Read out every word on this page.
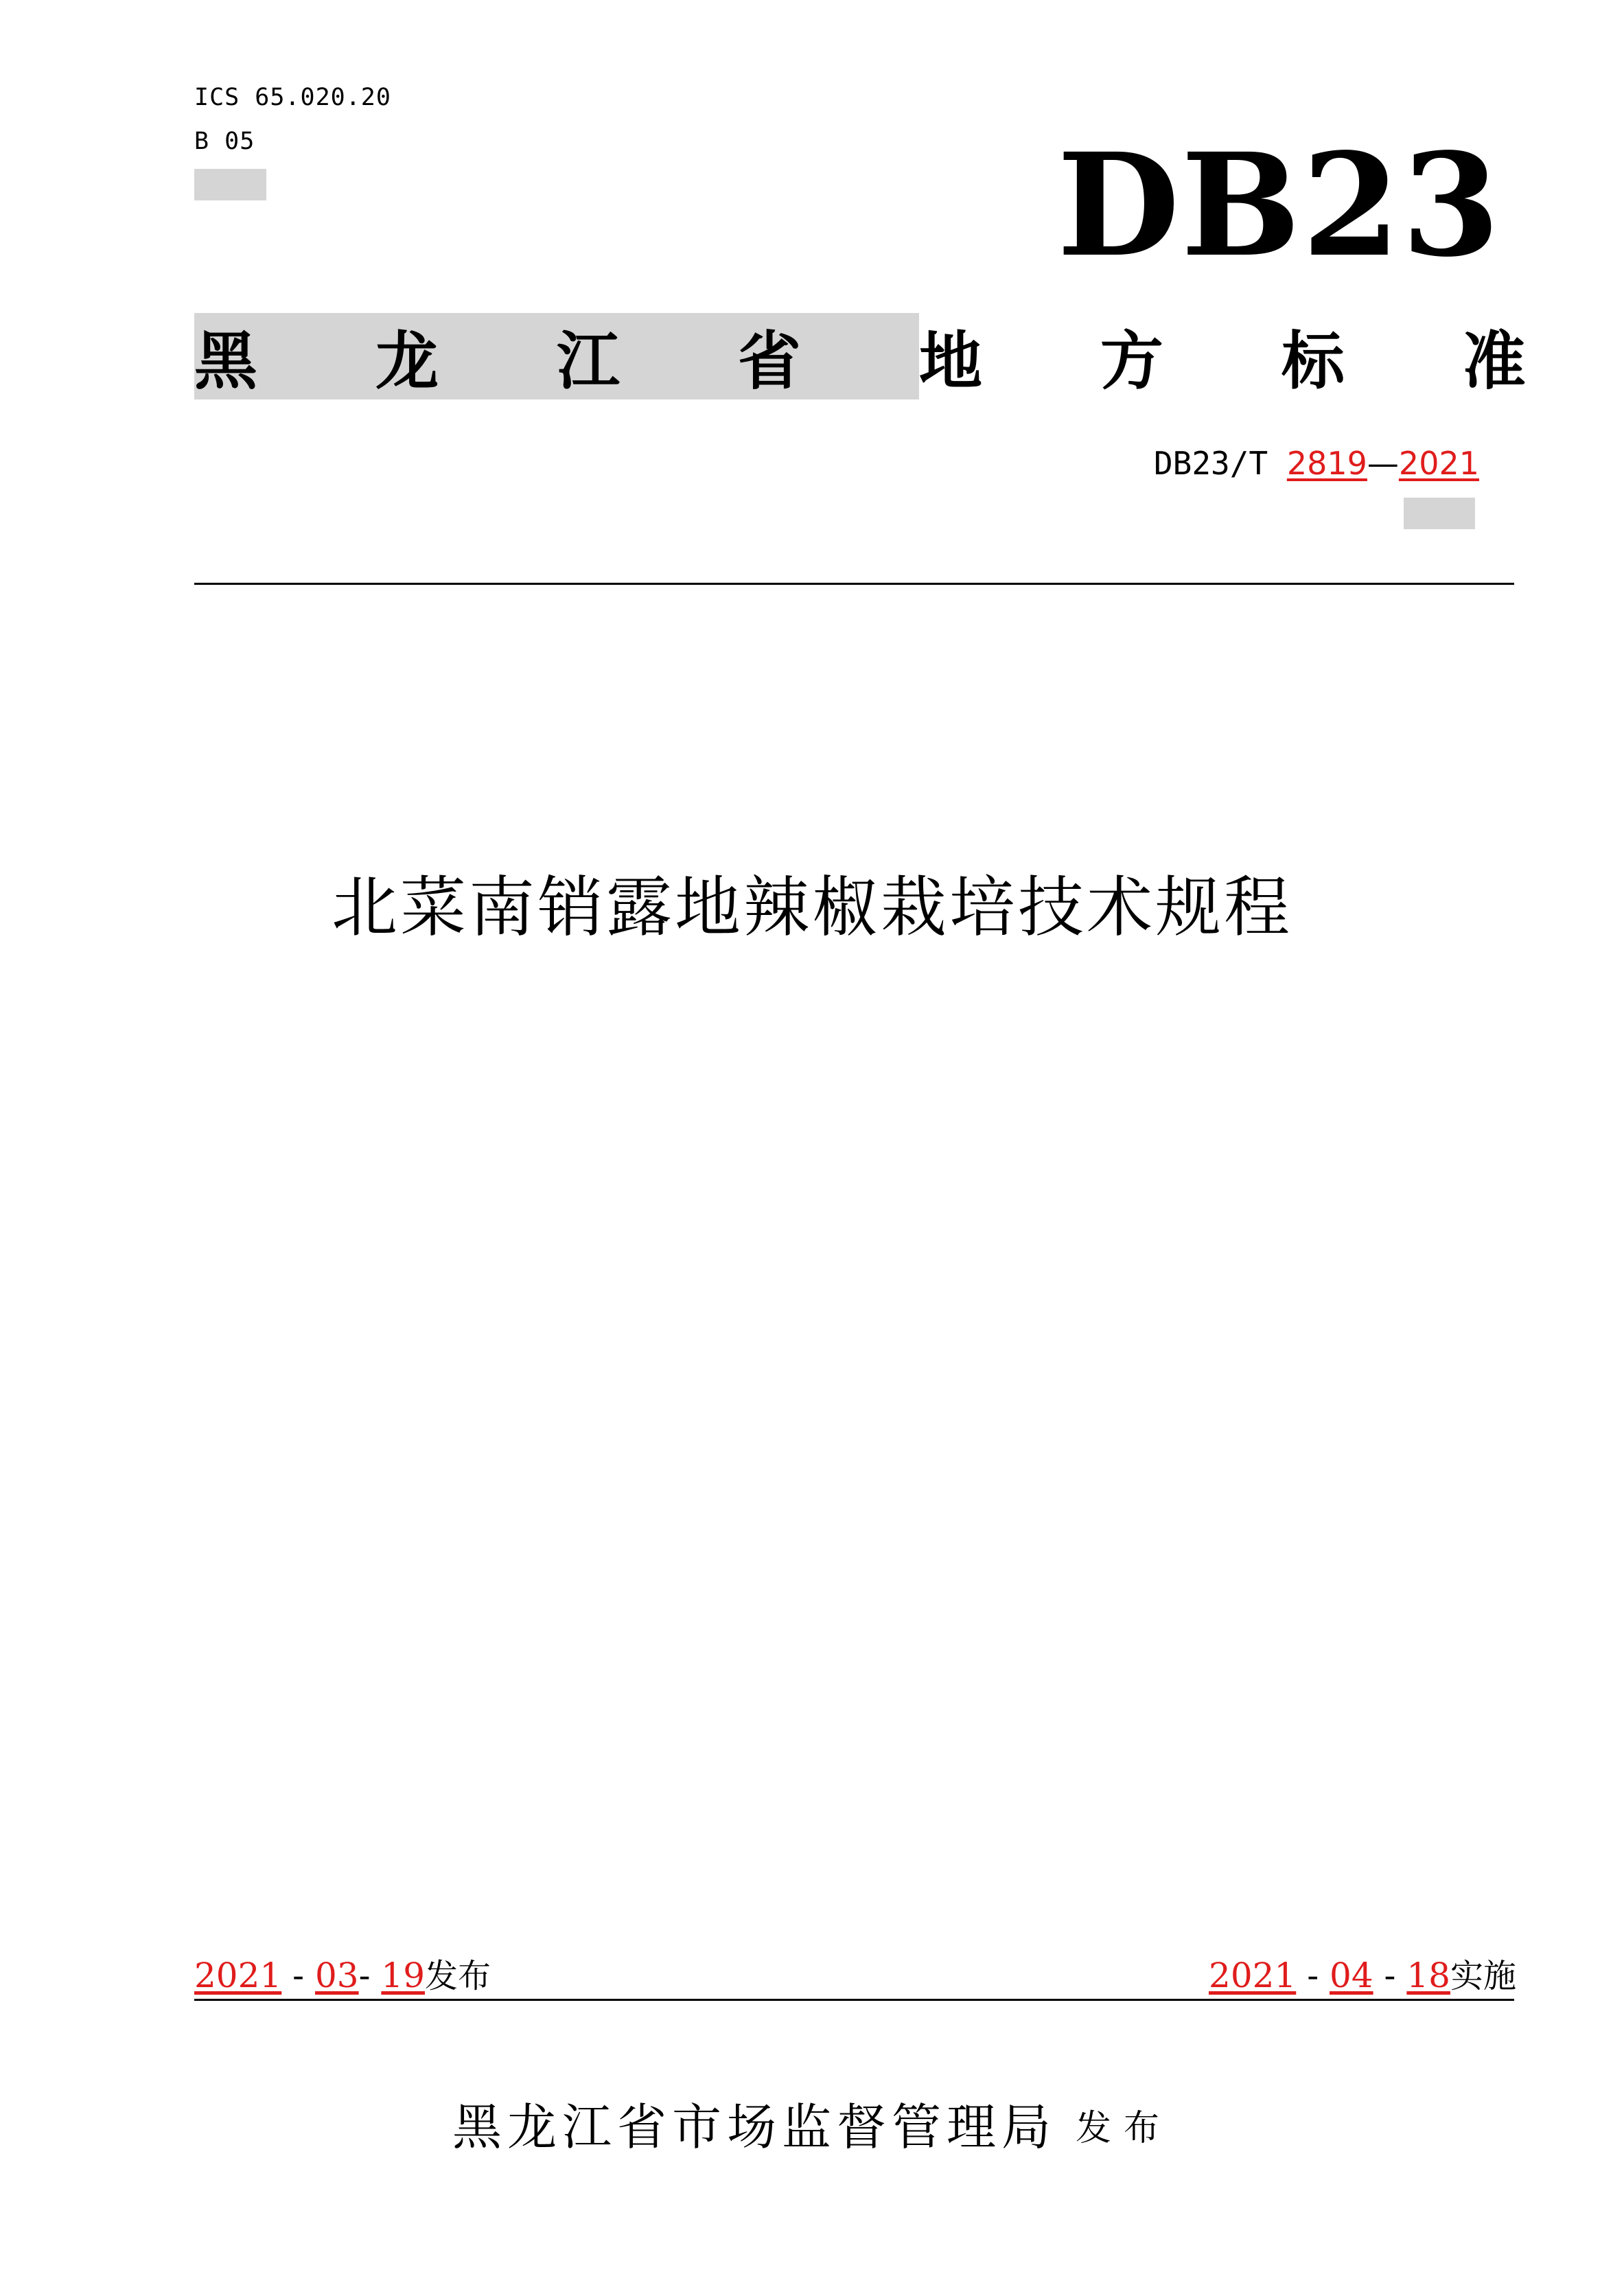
ICS 65.020.20
B 05	DB23
黑 龙 江 省 地 方 标 准
DB23/T 2819—2021
北菜南销露地辣椒栽培技术规程
2021 - 03- 19发布	2021 - 04 - 18实施
黑龙江省市场监督管理局 发布
